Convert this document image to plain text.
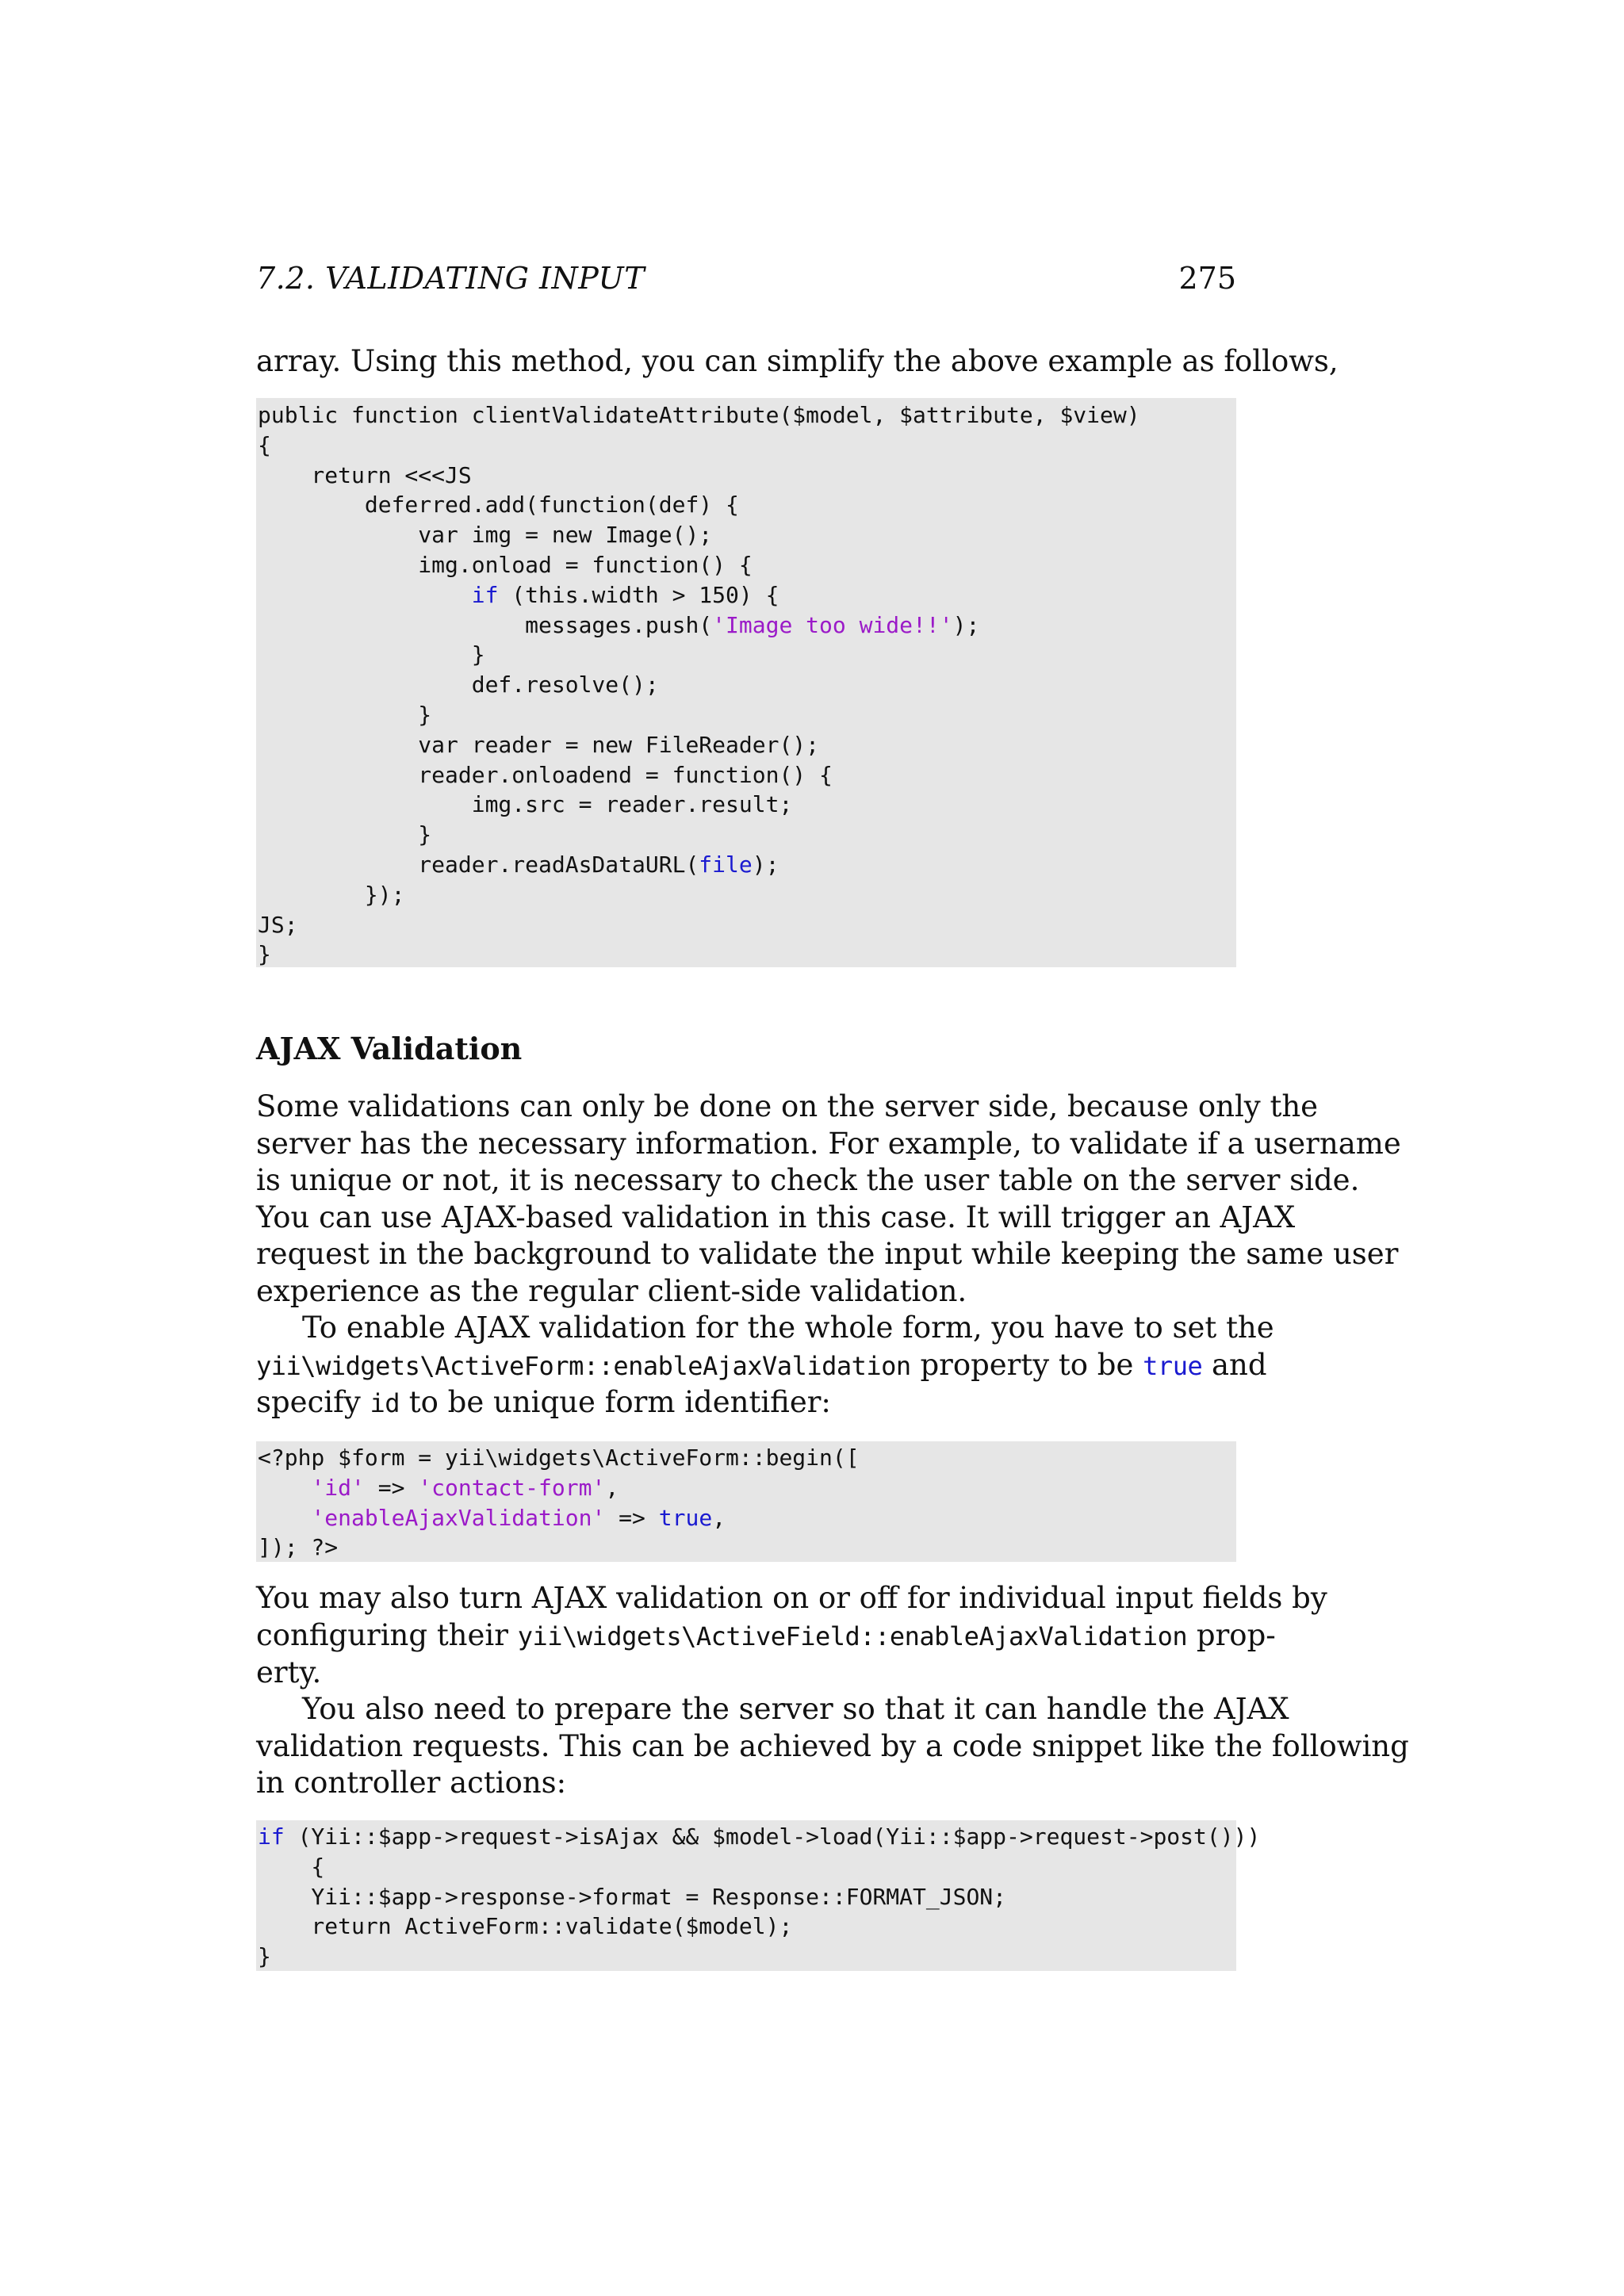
7.2. VALIDATING INPUT	275

array. Using this method, you can simplify the above example as follows,

public function clientValidateAttribute($model, $attribute, $view)
{
return <<<JS
deferred.add(function(def) {
var img = new Image();
img.onload = function() {
if (this.width > 150) {
messages.push('Image too wide!!');
}
def.resolve();
}
var reader = new FileReader();
reader.onloadend = function() {
img.src = reader.result;
}
reader.readAsDataURL(file);
});
JS;
}
AJAX Validation

Some validations can only be done on the server side, because only the
server has the necessary information. For example, to validate if a username
is unique or not, it is necessary to check the user table on the server side.
You can use AJAX-based validation in this case. It will trigger an AJAX
request in the background to validate the input while keeping the same user
experience as the regular client-side validation.

To enable AJAX validation for the whole form, you have to set the
yii\widgets\ActiveForm::enableAjaxValidation property to be true and
specify id to be unique form identifier:

<?php $form = yii\widgets\ActiveForm::begin([
'id' => 'contact-form',
'enableAjaxValidation' => true,
]); ?>

You may also turn AJAX validation on or off for individual input fields by
configuring their yii\widgets\ActiveField::enableAjaxValidation prop-
erty.

You also need to prepare the server so that it can handle the AJAX
validation requests. This can be achieved by a code snippet like the following
in controller actions:

if (Yii::$app->request->isAjax && $model->load(Yii::$app->request->post()))
{
Yii::$app->response->format = Response::FORMAT_JSON;
return ActiveForm::validate($model);
}
